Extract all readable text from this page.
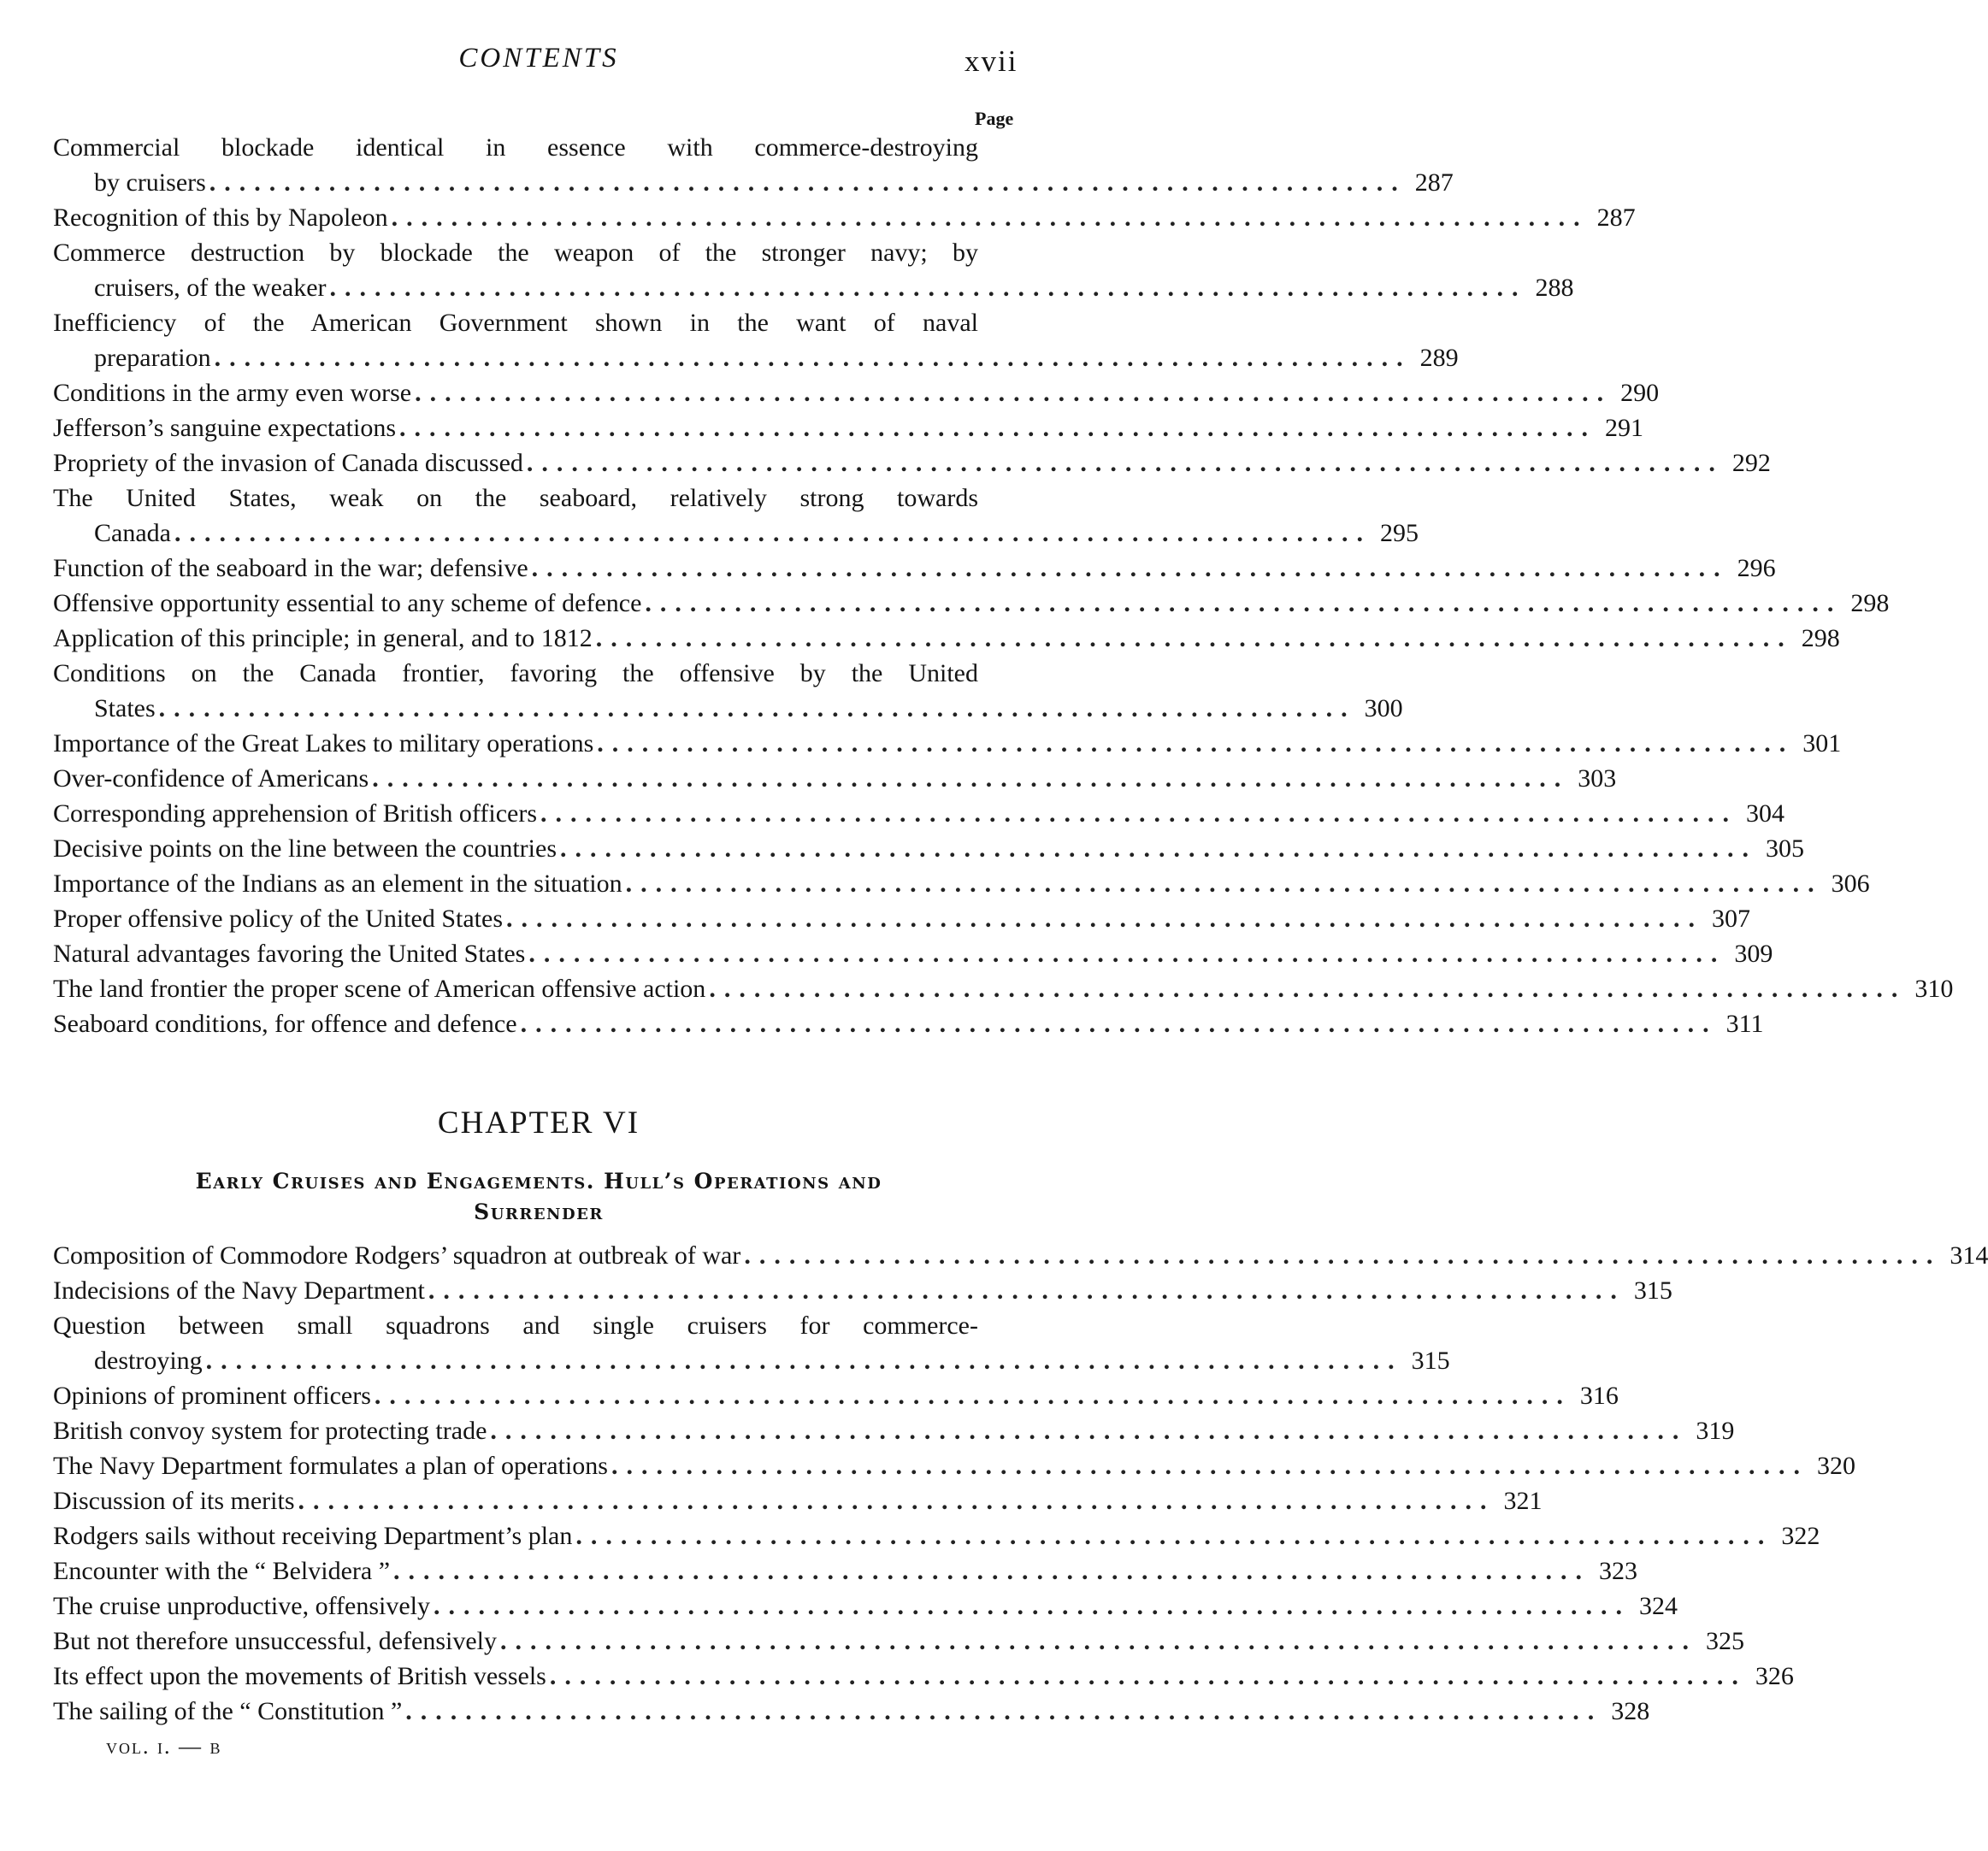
CONTENTS	xvii
Page
Commercial blockade identical in essence with commerce-destroying
by cruisers ................................................................................ 287
Recognition of this by Napoleon ................................................................................ 287
Commerce destruction by blockade the weapon of the stronger navy; by
cruisers, of the weaker ................................................................................ 288
Inefficiency of the American Government shown in the want of naval
preparation ................................................................................ 289
Conditions in the army even worse ................................................................................ 290
Jefferson’s sanguine expectations ................................................................................ 291
Propriety of the invasion of Canada discussed ................................................................................ 292
The United States, weak on the seaboard, relatively strong towards
Canada ................................................................................ 295
Function of the seaboard in the war; defensive ................................................................................ 296
Offensive opportunity essential to any scheme of defence ................................................................................ 298
Application of this principle; in general, and to 1812 ................................................................................ 298
Conditions on the Canada frontier, favoring the offensive by the United
States ................................................................................ 300
Importance of the Great Lakes to military operations ................................................................................ 301
Over-confidence of Americans ................................................................................ 303
Corresponding apprehension of British officers ................................................................................ 304
Decisive points on the line between the countries ................................................................................ 305
Importance of the Indians as an element in the situation ................................................................................ 306
Proper offensive policy of the United States ................................................................................ 307
Natural advantages favoring the United States ................................................................................ 309
The land frontier the proper scene of American offensive action ................................................................................ 310
Seaboard conditions, for offence and defence ................................................................................ 311
CHAPTER VI
Early Cruises and Engagements. Hull’s Operations and
Surrender
Composition of Commodore Rodgers’ squadron at outbreak of war ................................................................................ 314
Indecisions of the Navy Department ................................................................................ 315
Question between small squadrons and single cruisers for commerce-
destroying ................................................................................ 315
Opinions of prominent officers ................................................................................ 316
British convoy system for protecting trade ................................................................................ 319
The Navy Department formulates a plan of operations ................................................................................ 320
Discussion of its merits ................................................................................ 321
Rodgers sails without receiving Department’s plan ................................................................................ 322
Encounter with the “ Belvidera ” ................................................................................ 323
The cruise unproductive, offensively ................................................................................ 324
But not therefore unsuccessful, defensively ................................................................................ 325
Its effect upon the movements of British vessels ................................................................................ 326
The sailing of the “ Constitution ” ................................................................................ 328
vol. i. — b
